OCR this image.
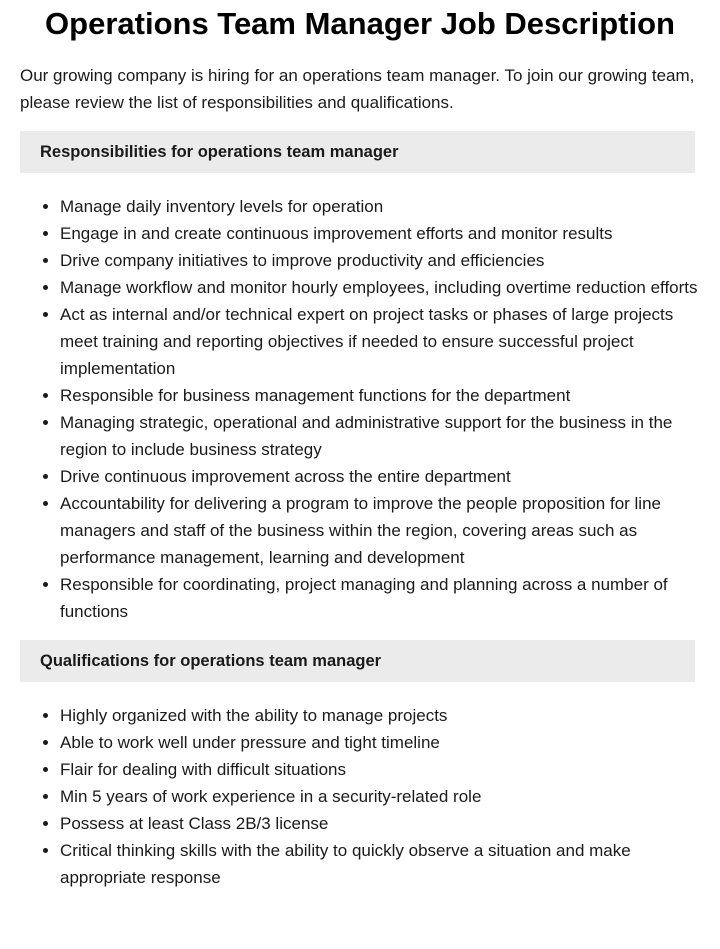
Operations Team Manager Job Description

Our growing company is hiring for an operations team manager. To join our growing team, please review the list of responsibilities and qualifications.

Responsibilities for operations team manager
• Manage daily inventory levels for operation
• Engage in and create continuous improvement efforts and monitor results
• Drive company initiatives to improve productivity and efficiencies
• Manage workflow and monitor hourly employees, including overtime reduction efforts
• Act as internal and/or technical expert on project tasks or phases of large projects meet training and reporting objectives if needed to ensure successful project implementation
• Responsible for business management functions for the department
• Managing strategic, operational and administrative support for the business in the region to include business strategy
• Drive continuous improvement across the entire department
• Accountability for delivering a program to improve the people proposition for line managers and staff of the business within the region, covering areas such as performance management, learning and development
• Responsible for coordinating, project managing and planning across a number of functions
Qualifications for operations team manager
• Highly organized with the ability to manage projects
• Able to work well under pressure and tight timeline
• Flair for dealing with difficult situations
• Min 5 years of work experience in a security-related role
• Possess at least Class 2B/3 license
• Critical thinking skills with the ability to quickly observe a situation and make appropriate response
